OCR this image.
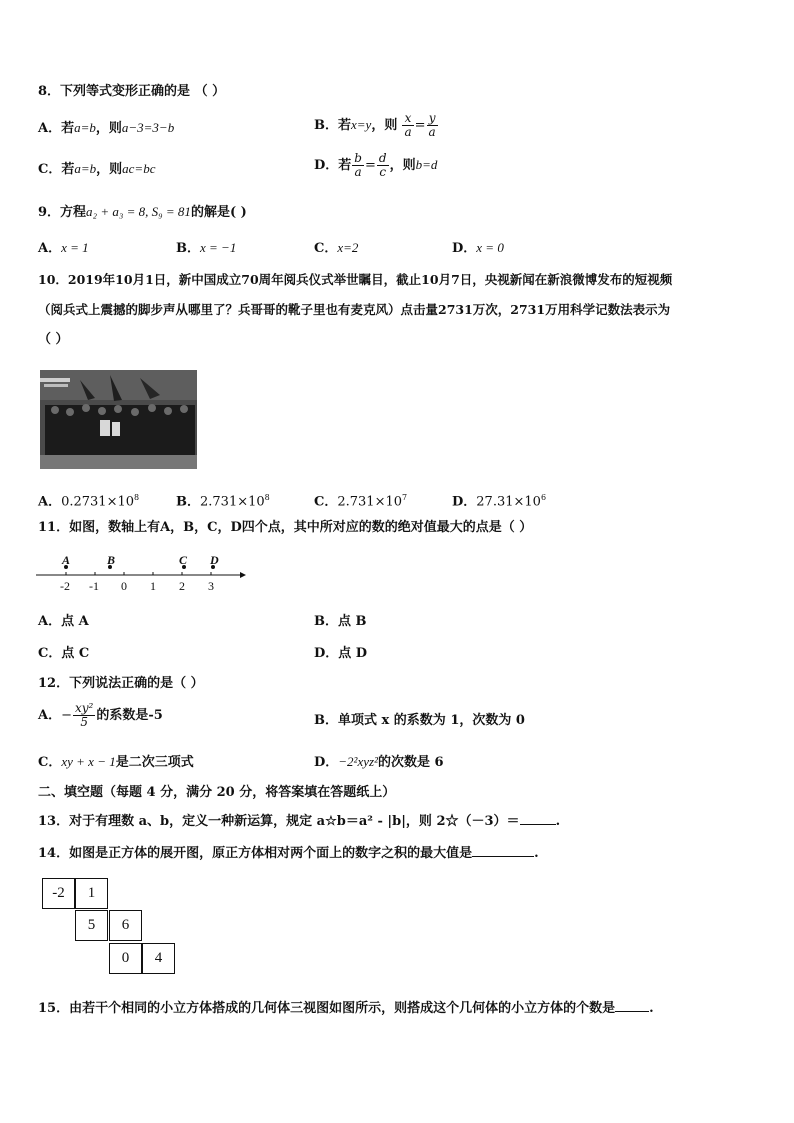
8．下列等式变形正确的是 （ ）
A．若a=b，则a−3=3−b	B．若x=y，则 $\frac{x}{a} = \frac{y}{a}$
C．若a=b，则ac=bc	D．若 $\frac{b}{a} = \frac{d}{c}$ ，则b=d
9．方程a₂ + a₃ = 8, S₉ = 81的解是( )
A．x = 1	B．x = −1	C．x=2	D．x = 0
10．2019年10月1日，新中国成立70周年阅兵仪式举世瞩目，截止10月7日，央视新闻在新浪微博发布的短视频
（阅兵式上震撼的脚步声从哪里了？兵哥哥的靴子里也有麦克风）点击量2731万次，2731万用科学记数法表示为
（ ）
A．$0.2731\times 10^8$	B．$2.731\times 10^8$	C．$2.731\times 10^7$	D．$27.31\times 10^6$
11．如图，数轴上有A，B，C，D四个点，其中所对应的数的绝对值最大的点是（ ）
A	B	C D
-2 -1 0 1 2 3
A．点 A	B．点 B
C．点 C	D．点 D
12．下列说法正确的是（ ）
A．− $\frac{\text{xy²}}{5}$ 的系数是-5	B．单项式 x 的系数为 1，次数为 0
C．xy + x − 1是二次三项式	D．−2²xyz²的次数是 6
二、填空题（每题 4 分，满分 20 分，将答案填在答题纸上）
13．对于有理数 a、b，定义一种新运算，规定 a☆b＝a² - |b|，则 2☆（－3）＝	.
14．如图是正方体的展开图，原正方体相对两个面上的数字之积的最大值是	.
-2	1
5	6
0	4
15．由若干个相同的小立方体搭成的几何体三视图如图所示，则搭成这个几何体的小立方体的个数是	.
